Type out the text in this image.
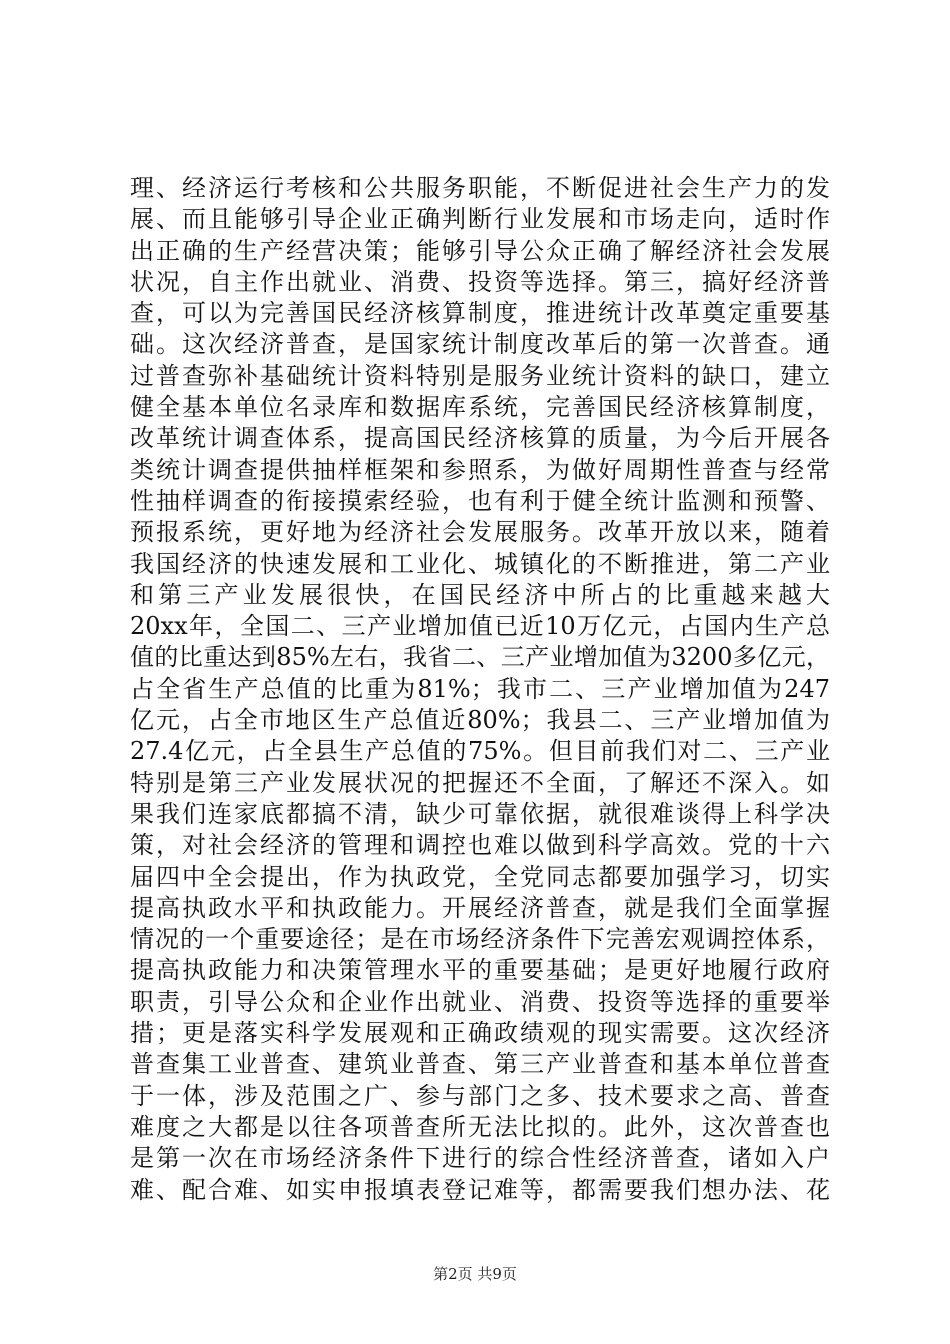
理、经济运行考核和公共服务职能，不断促进社会生产力的发
展、而且能够引导企业正确判断行业发展和市场走向，适时作
出正确的生产经营决策；能够引导公众正确了解经济社会发展
状况，自主作出就业、消费、投资等选择。第三，搞好经济普
查，可以为完善国民经济核算制度，推进统计改革奠定重要基
础。这次经济普查，是国家统计制度改革后的第一次普查。通
过普查弥补基础统计资料特别是服务业统计资料的缺口，建立
健全基本单位名录库和数据库系统，完善国民经济核算制度，
改革统计调查体系，提高国民经济核算的质量，为今后开展各
类统计调查提供抽样框架和参照系，为做好周期性普查与经常
性抽样调查的衔接摸索经验，也有利于健全统计监测和预警、
预报系统，更好地为经济社会发展服务。改革开放以来，随着
我国经济的快速发展和工业化、城镇化的不断推进，第二产业
和第三产业发展很快，在国民经济中所占的比重越来越大
20xx年，全国二、三产业增加值已近10万亿元，占国内生产总
值的比重达到85%左右，我省二、三产业增加值为3200多亿元，
占全省生产总值的比重为81%；我市二、三产业增加值为247
亿元，占全市地区生产总值近80%；我县二、三产业增加值为
27.4亿元，占全县生产总值的75%。但目前我们对二、三产业
特别是第三产业发展状况的把握还不全面，了解还不深入。如
果我们连家底都搞不清，缺少可靠依据，就很难谈得上科学决
策，对社会经济的管理和调控也难以做到科学高效。党的十六
届四中全会提出，作为执政党，全党同志都要加强学习，切实
提高执政水平和执政能力。开展经济普查，就是我们全面掌握
情况的一个重要途径；是在市场经济条件下完善宏观调控体系，
提高执政能力和决策管理水平的重要基础；是更好地履行政府
职责，引导公众和企业作出就业、消费、投资等选择的重要举
措；更是落实科学发展观和正确政绩观的现实需要。这次经济
普查集工业普查、建筑业普查、第三产业普查和基本单位普查
于一体，涉及范围之广、参与部门之多、技术要求之高、普查
难度之大都是以往各项普查所无法比拟的。此外，这次普查也
是第一次在市场经济条件下进行的综合性经济普查，诸如入户
难、配合难、如实申报填表登记难等，都需要我们想办法、花
第2页 共9页
